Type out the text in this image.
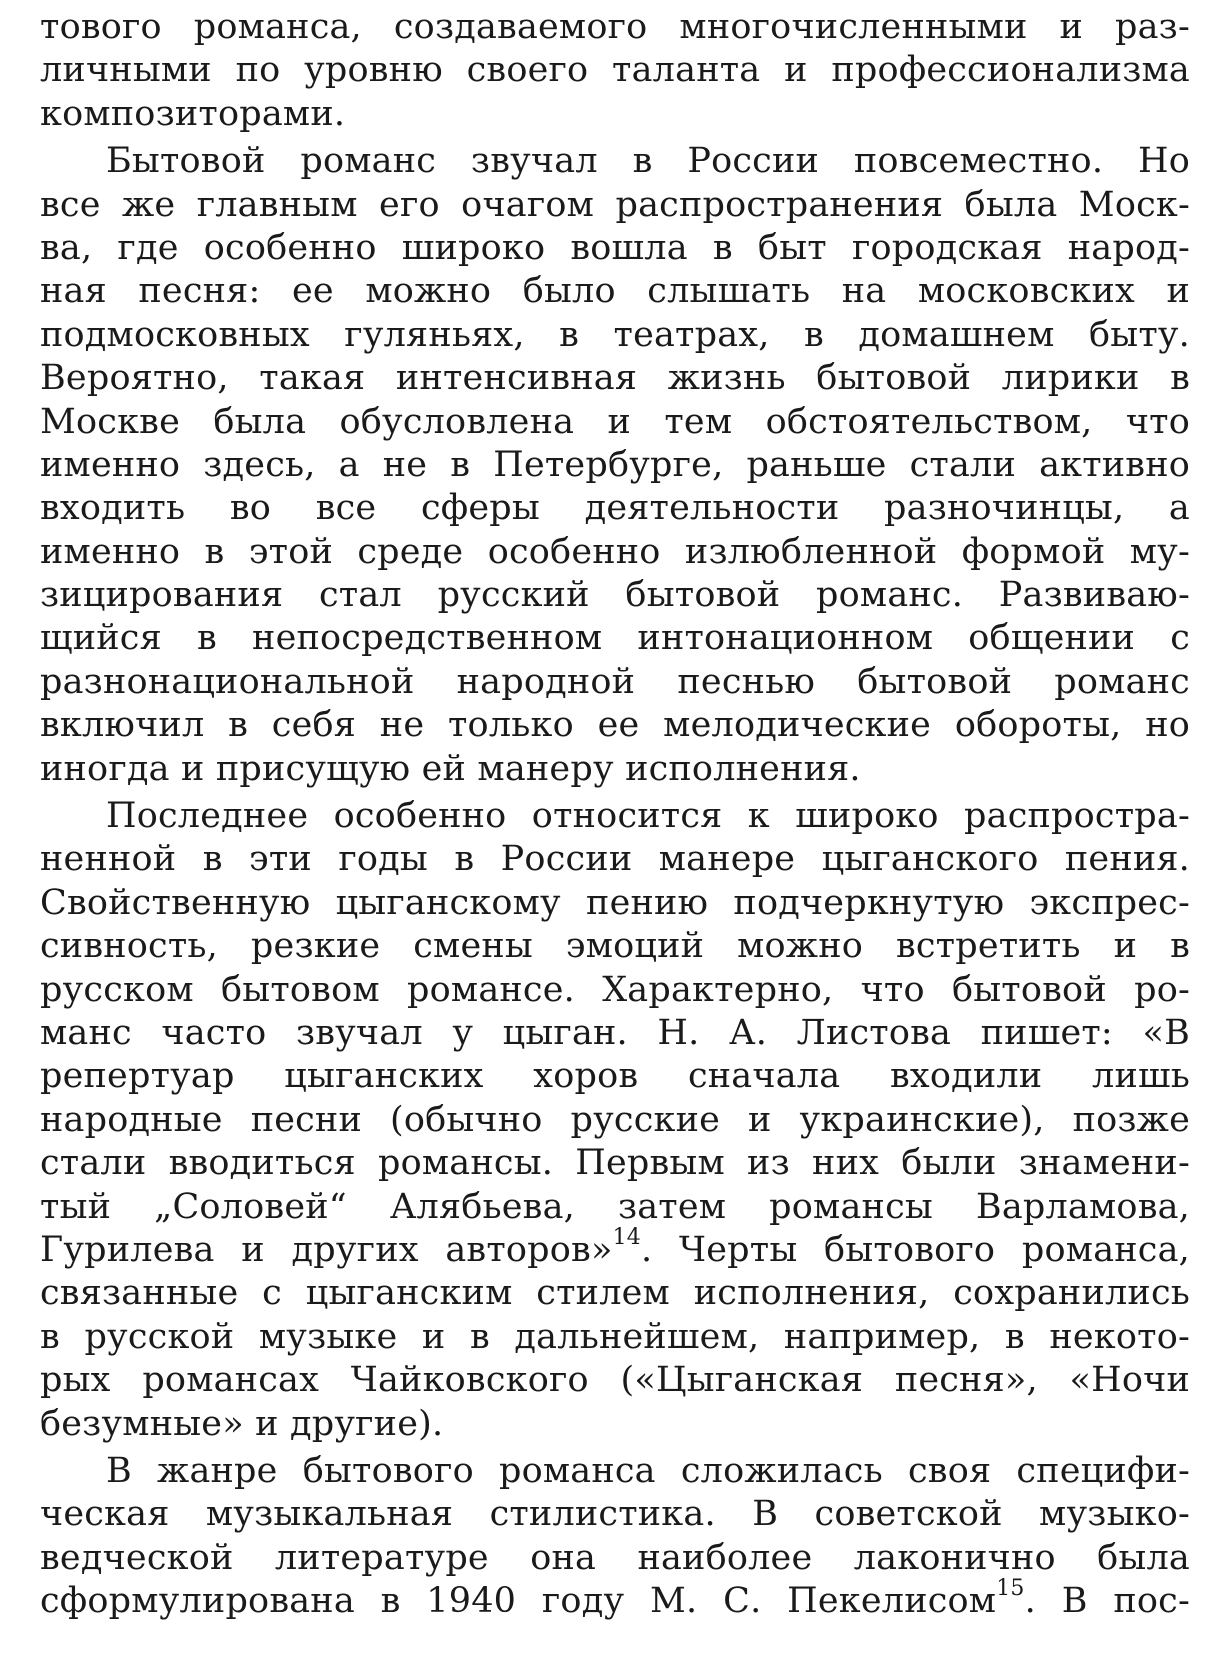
тового романса, создаваемого многочисленными и раз-
личными по уровню своего таланта и профессионализма
композиторами.
Бытовой романс звучал в России повсеместно. Но
все же главным его очагом распространения была Моск-
ва, где особенно широко вошла в быт городская народ-
ная песня: ее можно было слышать на московских и
подмосковных гуляньях, в театрах, в домашнем быту.
Вероятно, такая интенсивная жизнь бытовой лирики в
Москве была обусловлена и тем обстоятельством, что
именно здесь, а не в Петербурге, раньше стали активно
входить во все сферы деятельности разночинцы, а
именно в этой среде особенно излюбленной формой му-
зицирования стал русский бытовой романс. Развиваю-
щийся в непосредственном интонационном общении с
разнонациональной народной песнью бытовой романс
включил в себя не только ее мелодические обороты, но
иногда и присущую ей манеру исполнения.
Последнее особенно относится к широко распростра-
ненной в эти годы в России манере цыганского пения.
Свойственную цыганскому пению подчеркнутую экспрес-
сивность, резкие смены эмоций можно встретить и в
русском бытовом романсе. Характерно, что бытовой ро-
манс часто звучал у цыган. Н. А. Листова пишет: «В
репертуар цыганских хоров сначала входили лишь
народные песни (обычно русские и украинские), позже
стали вводиться романсы. Первым из них были знамени-
тый „Соловей“ Алябьева, затем романсы Варламова,
Гурилева и других авторов»$^{14}$. Черты бытового романса,
связанные с цыганским стилем исполнения, сохранились
в русской музыке и в дальнейшем, например, в некото-
рых романсах Чайковского («Цыганская песня», «Ночи
безумные» и другие).
В жанре бытового романса сложилась своя специфи-
ческая музыкальная стилистика. В советской музыко-
ведческой литературе она наиболее лаконично была
сформулирована в 1940 году М. С. Пекелисом$^{15}$. В пос-
